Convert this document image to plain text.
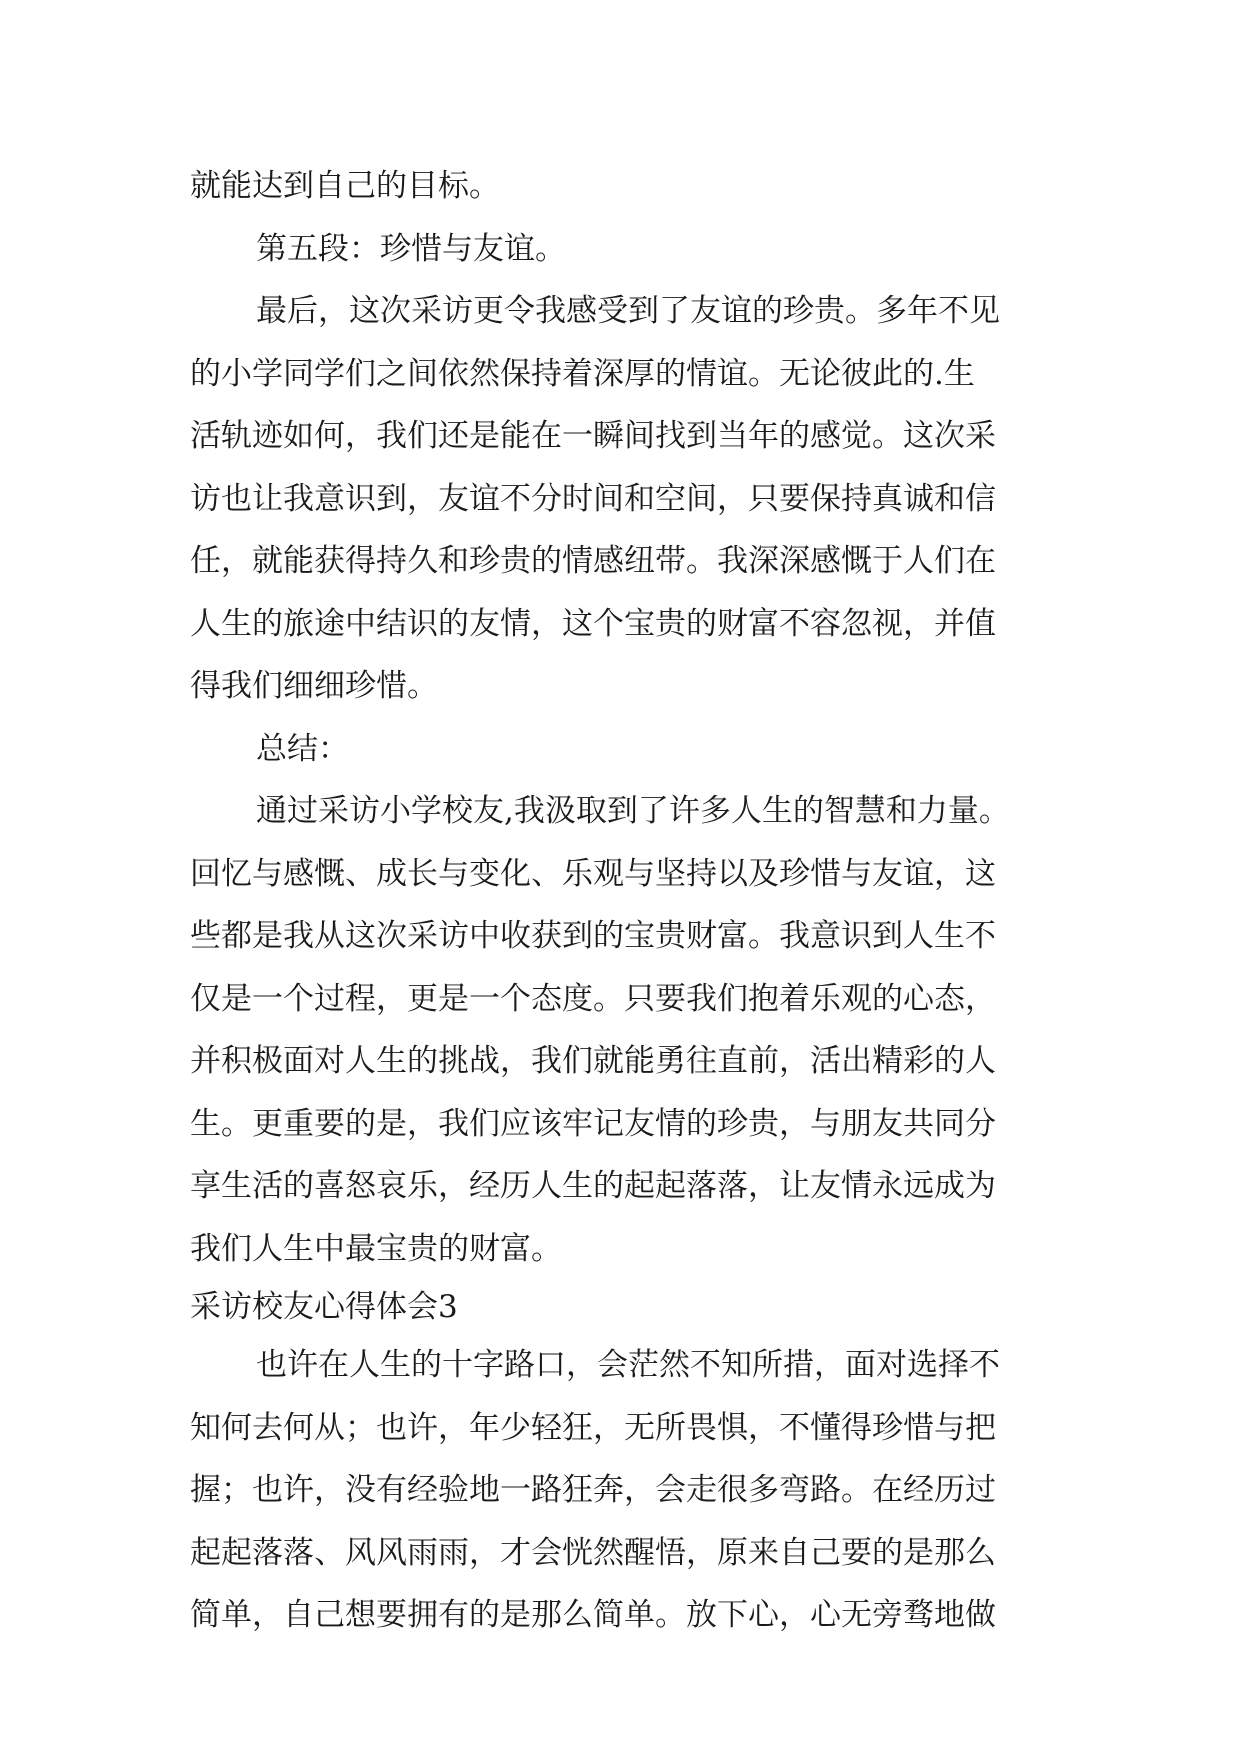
就能达到自己的目标。
第五段：珍惜与友谊。
最后，这次采访更令我感受到了友谊的珍贵。多年不见
的小学同学们之间依然保持着深厚的情谊。无论彼此的.生
活轨迹如何，我们还是能在一瞬间找到当年的感觉。这次采
访也让我意识到，友谊不分时间和空间，只要保持真诚和信
任，就能获得持久和珍贵的情感纽带。我深深感慨于人们在
人生的旅途中结识的友情，这个宝贵的财富不容忽视，并值
得我们细细珍惜。
总结：
通过采访小学校友,我汲取到了许多人生的智慧和力量。
回忆与感慨、成长与变化、乐观与坚持以及珍惜与友谊，这
些都是我从这次采访中收获到的宝贵财富。我意识到人生不
仅是一个过程，更是一个态度。只要我们抱着乐观的心态，
并积极面对人生的挑战，我们就能勇往直前，活出精彩的人
生。更重要的是，我们应该牢记友情的珍贵，与朋友共同分
享生活的喜怒哀乐，经历人生的起起落落，让友情永远成为
我们人生中最宝贵的财富。
采访校友心得体会3
也许在人生的十字路口，会茫然不知所措，面对选择不
知何去何从；也许，年少轻狂，无所畏惧，不懂得珍惜与把
握；也许，没有经验地一路狂奔，会走很多弯路。在经历过
起起落落、风风雨雨，才会恍然醒悟，原来自己要的是那么
简单，自己想要拥有的是那么简单。放下心，心无旁骛地做
